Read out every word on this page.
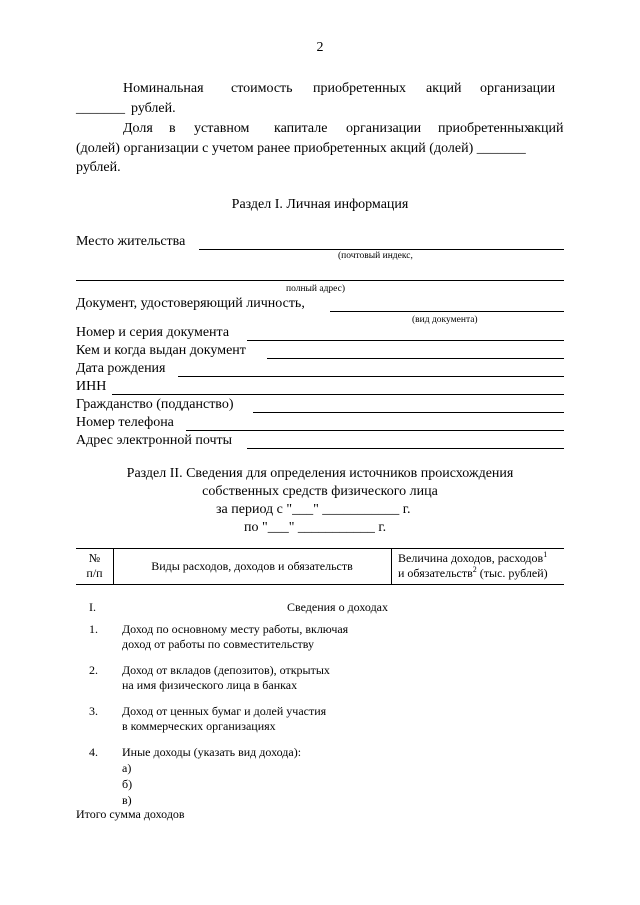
2
Номинальная стоимость приобретенных акций организации
_______ рублей.
Доля в уставном капитале организации приобретенных
акций
(долей) организации с учетом ранее приобретенных акций (долей) _______
рублей.
Раздел I. Личная информация
Место жительства
(почтовый индекс,
полный адрес)
Документ, удостоверяющий личность,
(вид документа)
Номер и серия документа
Кем и когда выдан документ
Дата рождения
ИНН
Гражданство (подданство)
Номер телефона
Адрес электронной почты
Раздел II. Сведения для определения источников происхождения
собственных средств физического лица
за период с "___" ___________ г.
по "___" ___________ г.
№
п/п	Виды расходов, доходов и обязательств
Величина доходов, расходов$^1$
и обязательств$^2$ (тыс. рублей)
I.	Сведения о доходах
1. Доход по основному месту работы, включая
доход от работы по совместительству
2. Доход от вкладов (депозитов), открытых
на имя физического лица в банках
3. Доход от ценных бумаг и долей участия
в коммерческих организациях
4. Иные доходы (указать вид дохода):
а)
б)
в)
Итого сумма доходов
